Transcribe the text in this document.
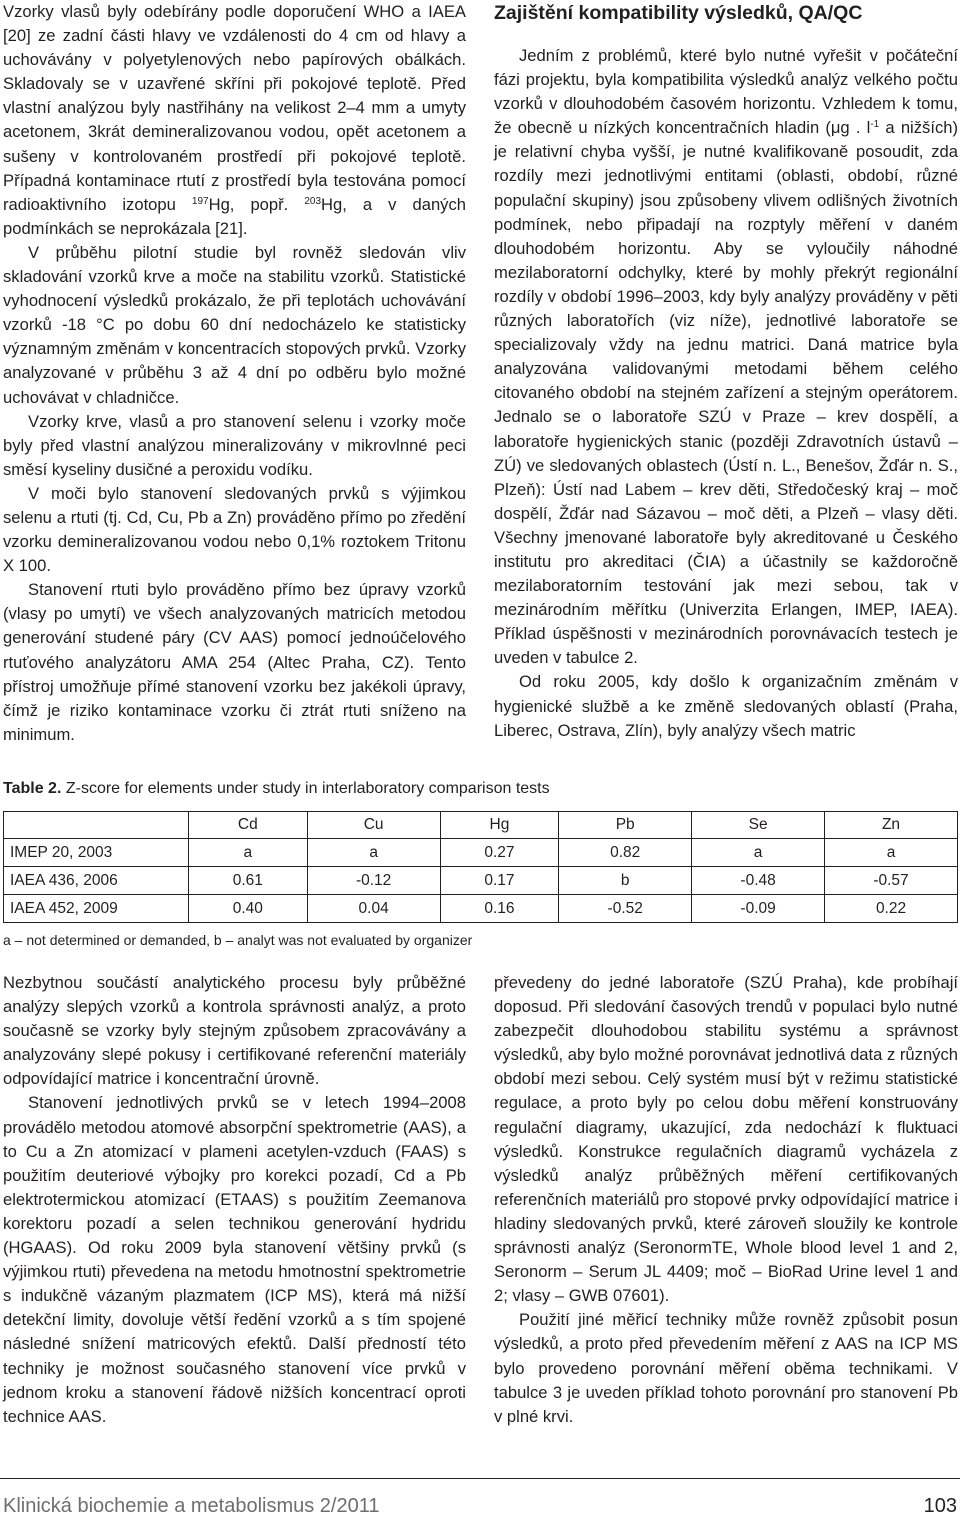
Vzorky vlasů byly odebírány podle doporučení WHO a IAEA [20] ze zadní části hlavy ve vzdálenosti do 4 cm od hlavy a uchovávány v polyetylenových nebo papírových obálkách. Skladovaly se v uzavřené skříni při pokojové teplotě. Před vlastní analýzou byly nastřihány na velikost 2–4 mm a umyty acetonem, 3krát demineralizovanou vodou, opět acetonem a sušeny v kontrolovaném prostředí při pokojové teplotě. Případná kontaminace rtutí z prostředí byla testována pomocí radioaktivního izotopu $^{197}$Hg, popř. $^{203}$Hg, a v daných podmínkách se neprokázala [21].

V průběhu pilotní studie byl rovněž sledován vliv skladování vzorků krve a moče na stabilitu vzorků. Statistické vyhodnocení výsledků prokázalo, že při teplotách uchovávání vzorků -18 °C po dobu 60 dní nedocházelo ke statisticky významným změnám v koncentracích stopových prvků. Vzorky analyzované v průběhu 3 až 4 dní po odběru bylo možné uchovávat v chladničce.

Vzorky krve, vlasů a pro stanovení selenu i vzorky moče byly před vlastní analýzou mineralizovány v mikrovlnné peci směsí kyseliny dusičné a peroxidu vodíku.

V moči bylo stanovení sledovaných prvků s výjimkou selenu a rtuti (tj. Cd, Cu, Pb a Zn) prováděno přímo po zředění vzorku demineralizovanou vodou nebo 0,1% roztokem Tritonu X 100.

Stanovení rtuti bylo prováděno přímo bez úpravy vzorků (vlasy po umytí) ve všech analyzovaných matricích metodou generování studené páry (CV AAS) pomocí jednoúčelového rtuťového analyzátoru AMA 254 (Altec Praha, CZ). Tento přístroj umožňuje přímé stanovení vzorku bez jakékoli úpravy, čímž je riziko kontaminace vzorku či ztrát rtuti sníženo na minimum.

Zajištění kompatibility výsledků, QA/QC

Jedním z problémů, které bylo nutné vyřešit v počáteční fázi projektu, byla kompatibilita výsledků analýz velkého počtu vzorků v dlouhodobém časovém horizontu. Vzhledem k tomu, že obecně u nízkých koncentračních hladin (μg . $l^{-1}$ a nižších) je relativní chyba vyšší, je nutné kvalifikovaně posoudit, zda rozdíly mezi jednotlivými entitami (oblasti, období, různé populační skupiny) jsou způsobeny vlivem odlišných životních podmínek, nebo připadají na rozptyly měření v daném dlouhodobém horizontu. Aby se vyloučily náhodné mezilaboratorní odchylky, které by mohly překrýt regionální rozdíly v období 1996–2003, kdy byly analýzy prováděny v pěti různých laboratořích (viz níže), jednotlivé laboratoře se specializovaly vždy na jednu matrici. Daná matrice byla analyzována validovanými metodami během celého citovaného období na stejném zařízení a stejným operátorem. Jednalo se o laboratoře SZÚ v Praze – krev dospělí, a laboratoře hygienických stanic (později Zdravotních ústavů – ZÚ) ve sledovaných oblastech (Ústí n. L., Benešov, Žďár n. S., Plzeň): Ústí nad Labem – krev děti, Středočeský kraj – moč dospělí, Žďár nad Sázavou – moč děti, a Plzeň – vlasy děti. Všechny jmenované laboratoře byly akreditované u Českého institutu pro akreditaci (ČIA) a účastnily se každoročně mezilaboratorním testování jak mezi sebou, tak v mezinárodním měřítku (Univerzita Erlangen, IMEP, IAEA). Příklad úspěšnosti v mezinárodních porovnávacích testech je uveden v tabulce 2.

Od roku 2005, kdy došlo k organizačním změnám v hygienické službě a ke změně sledovaných oblastí (Praha, Liberec, Ostrava, Zlín), byly analýzy všech matric

Table 2. Z-score for elements under study in interlaboratory comparison tests
	Cd	Cu	Hg	Pb	Se	Zn
IMEP 20, 2003	a	a	0.27	0.82	a	a
IAEA 436, 2006	0.61	-0.12	0.17	b	-0.48	-0.57
IAEA 452, 2009	0.40	0.04	0.16	-0.52	-0.09	0.22
a – not determined or demanded, b – analyt was not evaluated by organizer

Nezbytnou součástí analytického procesu byly průběžné analýzy slepých vzorků a kontrola správnosti analýz, a proto současně se vzorky byly stejným způsobem zpracovávány a analyzovány slepé pokusy i certifikované referenční materiály odpovídající matrice i koncentrační úrovně.

Stanovení jednotlivých prvků se v letech 1994–2008 provádělo metodou atomové absorpční spektrometrie (AAS), a to Cu a Zn atomizací v plameni acetylen-vzduch (FAAS) s použitím deuteriové výbojky pro korekci pozadí, Cd a Pb elektrotermickou atomizací (ETAAS) s použitím Zeemanova korektoru pozadí a selen technikou generování hydridu (HGAAS). Od roku 2009 byla stanovení většiny prvků (s výjimkou rtuti) převedena na metodu hmotnostní spektrometrie s indukčně vázaným plazmatem (ICP MS), která má nižší detekční limity, dovoluje větší ředění vzorků a s tím spojené následné snížení matricových efektů. Další předností této techniky je možnost současného stanovení více prvků v jednom kroku a stanovení řádově nižších koncentrací oproti technice AAS.

převedeny do jedné laboratoře (SZÚ Praha), kde probíhají doposud. Při sledování časových trendů v populaci bylo nutné zabezpečit dlouhodobou stabilitu systému a správnost výsledků, aby bylo možné porovnávat jednotlivá data z různých období mezi sebou. Celý systém musí být v režimu statistické regulace, a proto byly po celou dobu měření konstruovány regulační diagramy, ukazující, zda nedochází k fluktuaci výsledků. Konstrukce regulačních diagramů vycházela z výsledků analýz průběžných měření certifikovaných referenčních materiálů pro stopové prvky odpovídající matrice i hladiny sledovaných prvků, které zároveň sloužily ke kontrole správnosti analýz (SeronormTE, Whole blood level 1 and 2, Seronorm – Serum JL 4409; moč – BioRad Urine level 1 and 2; vlasy – GWB 07601).

Použití jiné měřicí techniky může rovněž způsobit posun výsledků, a proto před převedením měření z AAS na ICP MS bylo provedeno porovnání měření oběma technikami. V tabulce 3 je uveden příklad tohoto porovnání pro stanovení Pb v plné krvi.

Klinická biochemie a metabolismus 2/2011	103
